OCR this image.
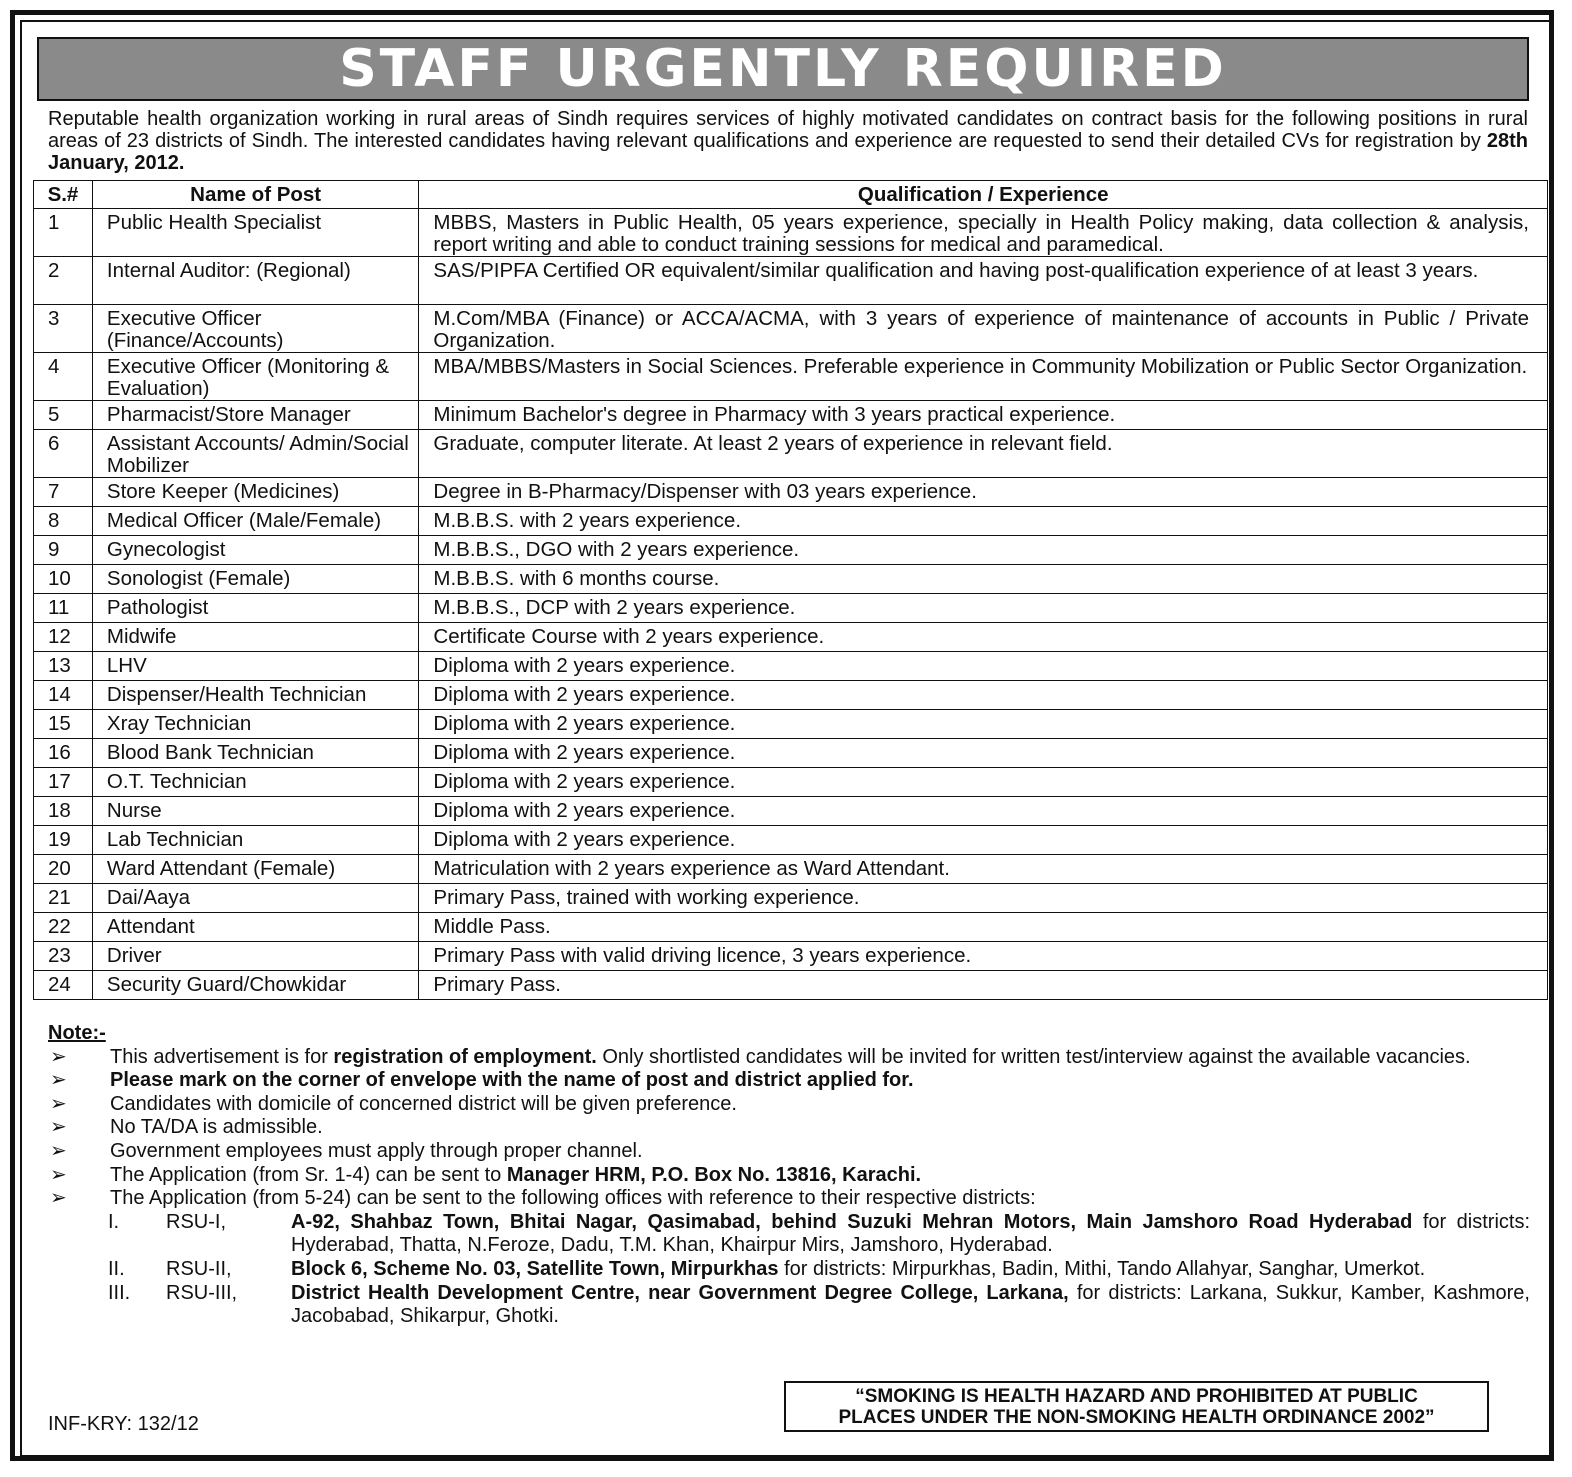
STAFF URGENTLY REQUIRED
Reputable health organization working in rural areas of Sindh requires services of highly motivated candidates on contract basis for the following positions in rural areas of 23 districts of Sindh. The interested candidates having relevant qualifications and experience are requested to send their detailed CVs for registration by 28th January, 2012.
S.#	Name of Post	Qualification / Experience

1	Public Health Specialist	MBBS, Masters in Public Health, 05 years experience, specially in Health Policy making, data collection & analysis, report writing and able to conduct training sessions for medical and paramedical.

2	Internal Auditor: (Regional)	SAS/PIPFA Certified OR equivalent/similar qualification and having post-qualification experience of at least 3 years.

3	Executive Officer (Finance/Accounts)	M.Com/MBA (Finance) or ACCA/ACMA, with 3 years of experience of maintenance of accounts in Public / Private Organization.

4	Executive Officer (Monitoring & Evaluation)	MBA/MBBS/Masters in Social Sciences. Preferable experience in Community Mobilization or Public Sector Organization.

5	Pharmacist/Store Manager	Minimum Bachelor's degree in Pharmacy with 3 years practical experience.

6	Assistant Accounts/ Admin/Social Mobilizer	Graduate, computer literate. At least 2 years of experience in relevant field.

7	Store Keeper (Medicines)	Degree in B-Pharmacy/Dispenser with 03 years experience.
8	Medical Officer (Male/Female)	M.B.B.S. with 2 years experience.
9	Gynecologist	M.B.B.S., DGO with 2 years experience.
10	Sonologist (Female)	M.B.B.S. with 6 months course.
11	Pathologist	M.B.B.S., DCP with 2 years experience.
12	Midwife	Certificate Course with 2 years experience.
13	LHV	Diploma with 2 years experience.
14	Dispenser/Health Technician	Diploma with 2 years experience.
15	Xray Technician	Diploma with 2 years experience.
16	Blood Bank Technician	Diploma with 2 years experience.
17	O.T. Technician	Diploma with 2 years experience.
18	Nurse	Diploma with 2 years experience.
19	Lab Technician	Diploma with 2 years experience.
20	Ward Attendant (Female)	Matriculation with 2 years experience as Ward Attendant.
21	Dai/Aaya	Primary Pass, trained with working experience.
22	Attendant	Middle Pass.
23	Driver	Primary Pass with valid driving licence, 3 years experience.
24	Security Guard/Chowkidar	Primary Pass.
Note:-
➢	This advertisement is for registration of employment. Only shortlisted candidates will be invited for written test/interview against the available vacancies.
➢	Please mark on the corner of envelope with the name of post and district applied for.
➢	Candidates with domicile of concerned district will be given preference.
➢	No TA/DA is admissible.
➢	Government employees must apply through proper channel.
➢	The Application (from Sr. 1-4) can be sent to Manager HRM, P.O. Box No. 13816, Karachi.
➢	The Application (from 5-24) can be sent to the following offices with reference to their respective districts:
I.	RSU-I,	A-92, Shahbaz Town, Bhitai Nagar, Qasimabad, behind Suzuki Mehran Motors, Main Jamshoro Road Hyderabad for districts: Hyderabad, Thatta, N.Feroze, Dadu, T.M. Khan, Khairpur Mirs, Jamshoro, Hyderabad.
II.	RSU-II,	Block 6, Scheme No. 03, Satellite Town, Mirpurkhas for districts: Mirpurkhas, Badin, Mithi, Tando Allahyar, Sanghar, Umerkot.
III.	RSU-III,	District Health Development Centre, near Government Degree College, Larkana, for districts: Larkana, Sukkur, Kamber, Kashmore, Jacobabad, Shikarpur, Ghotki.
“SMOKING IS HEALTH HAZARD AND PROHIBITED AT PUBLIC
PLACES UNDER THE NON-SMOKING HEALTH ORDINANCE 2002”
INF-KRY: 132/12
